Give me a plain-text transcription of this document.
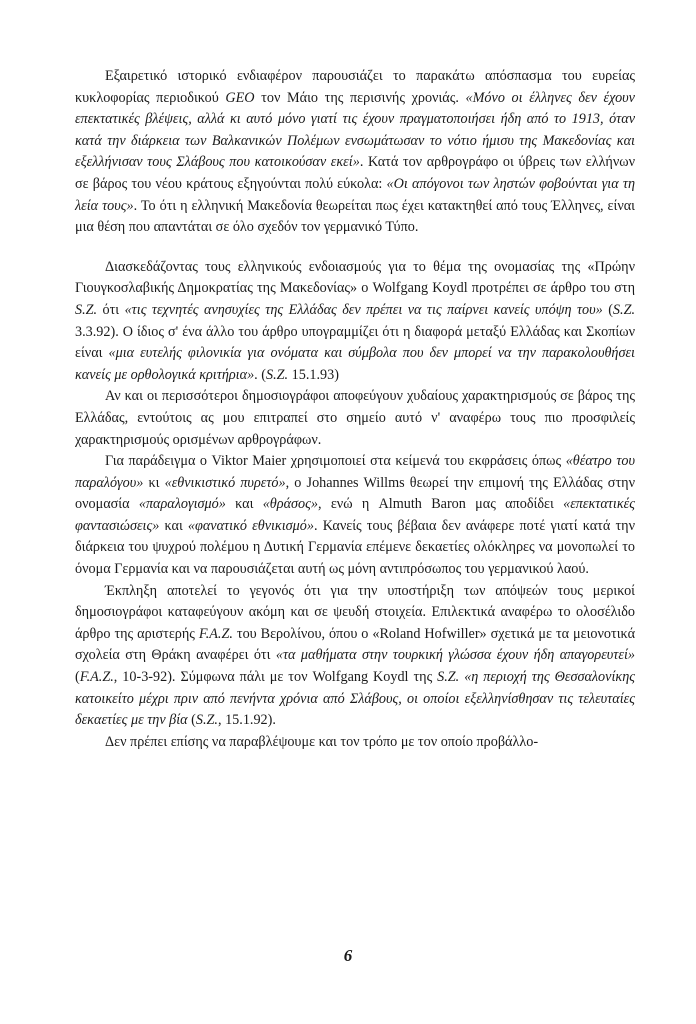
Εξαιρετικό ιστορικό ενδιαφέρον παρουσιάζει το παρακάτω απόσπασμα του ευρείας κυκλοφορίας περιοδικού GEO τον Μάιο της περισινής χρονιάς. «Μόνο οι έλληνες δεν έχουν επεκτατικές βλέψεις, αλλά κι αυτό μόνο γιατί τις έχουν πραγματοποιήσει ήδη από το 1913, όταν κατά την διάρκεια των Βαλκανικών Πολέμων ενσωμάτωσαν το νότιο ήμισυ της Μακεδονίας και εξελλήνισαν τους Σλάβους που κατοικούσαν εκεί». Κατά τον αρθρογράφο οι ύβρεις των ελλήνων σε βάρος του νέου κράτους εξηγούνται πολύ εύκολα: «Οι απόγονοι των ληστών φοβούνται για τη λεία τους». Το ότι η ελληνική Μακεδονία θεωρείται πως έχει κατακτηθεί από τους Έλληνες, είναι μια θέση που απαντάται σε όλο σχεδόν τον γερμανικό Τύπο.

Διασκεδάζοντας τους ελληνικούς ενδοιασμούς για το θέμα της ονομασίας της «Πρώην Γιουγκοσλαβικής Δημοκρατίας της Μακεδονίας» ο Wolfgang Koydl προτρέπει σε άρθρο του στη S.Z. ότι «τις τεχνητές ανησυχίες της Ελλάδας δεν πρέπει να τις παίρνει κανείς υπόψη του» (S.Z. 3.3.92). Ο ίδιος σ' ένα άλλο του άρθρο υπογραμμίζει ότι η διαφορά μεταξύ Ελλάδας και Σκοπίων είναι «μια ευτελής φιλονικία για ονόματα και σύμβολα που δεν μπορεί να την παρακολουθήσει κανείς με ορθολογικά κριτήρια». (S.Z. 15.1.93)

Αν και οι περισσότεροι δημοσιογράφοι αποφεύγουν χυδαίους χαρακτηρισμούς σε βάρος της Ελλάδας, εντούτοις ας μου επιτραπεί στο σημείο αυτό ν' αναφέρω τους πιο προσφιλείς χαρακτηρισμούς ορισμένων αρθρογράφων.

Για παράδειγμα ο Viktor Maier χρησιμοποιεί στα κείμενά του εκφράσεις όπως «θέατρο του παραλόγου» κι «εθνικιστικό πυρετό», ο Johannes Willms θεωρεί την επιμονή της Ελλάδας στην ονομασία «παραλογισμό» και «θράσος», ενώ η Almuth Baron μας αποδίδει «επεκτατικές φαντασιώσεις» και «φανατικό εθνικισμό». Κανείς τους βέβαια δεν ανάφερε ποτέ γιατί κατά την διάρκεια του ψυχρού πολέμου η Δυτική Γερμανία επέμενε δεκαετίες ολόκληρες να μονοπωλεί το όνομα Γερμανία και να παρουσιάζεται αυτή ως μόνη αντιπρόσωπος του γερμανικού λαού.

Έκπληξη αποτελεί το γεγονός ότι για την υποστήριξη των απόψεών τους μερικοί δημοσιογράφοι καταφεύγουν ακόμη και σε ψευδή στοιχεία. Επιλεκτικά αναφέρω το ολοσέλιδο άρθρο της αριστερής F.A.Z. του Βερολίνου, όπου ο «Roland Hofwiller» σχετικά με τα μειονοτικά σχολεία στη Θράκη αναφέρει ότι «τα μαθήματα στην τουρκική γλώσσα έχουν ήδη απαγορευτεί» (F.A.Z., 10-3-92). Σύμφωνα πάλι με τον Wolfgang Koydl της S.Z. «η περιοχή της Θεσσαλονίκης κατοικείτο μέχρι πριν από πενήντα χρόνια από Σλάβους, οι οποίοι εξελληνίσθησαν τις τελευταίες δεκαετίες με την βία (S.Z., 15.1.92).

Δεν πρέπει επίσης να παραβλέψουμε και τον τρόπο με τον οποίο προβάλλο-

6
